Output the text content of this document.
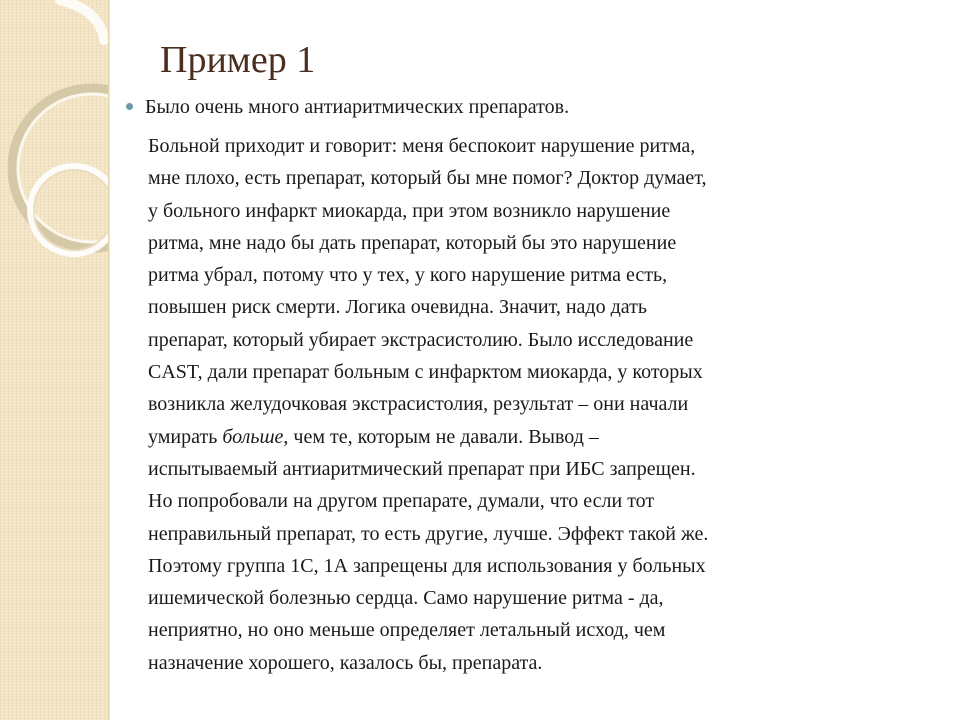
Пример 1
Было очень много антиаритмических препаратов.
Больной приходит и говорит: меня беспокоит нарушение ритма,
мне плохо, есть препарат, который бы мне помог? Доктор думает,
у больного инфаркт миокарда, при этом возникло нарушение
ритма, мне надо бы дать препарат, который бы это нарушение
ритма убрал, потому что у тех, у кого нарушение ритма есть,
повышен риск смерти. Логика очевидна. Значит, надо дать
препарат, который убирает экстрасистолию. Было исследование
CAST, дали препарат больным с инфарктом миокарда, у которых
возникла желудочковая экстрасистолия, результат – они начали
умирать больше, чем те, которым не давали. Вывод –
испытываемый антиаритмический препарат при ИБС запрещен.
Но попробовали на другом препарате, думали, что если тот
неправильный препарат, то есть другие, лучше. Эффект такой же.
Поэтому группа 1С, 1А запрещены для использования у больных
ишемической болезнью сердца. Само нарушение ритма - да,
неприятно, но оно меньше определяет летальный исход, чем
назначение хорошего, казалось бы, препарата.
